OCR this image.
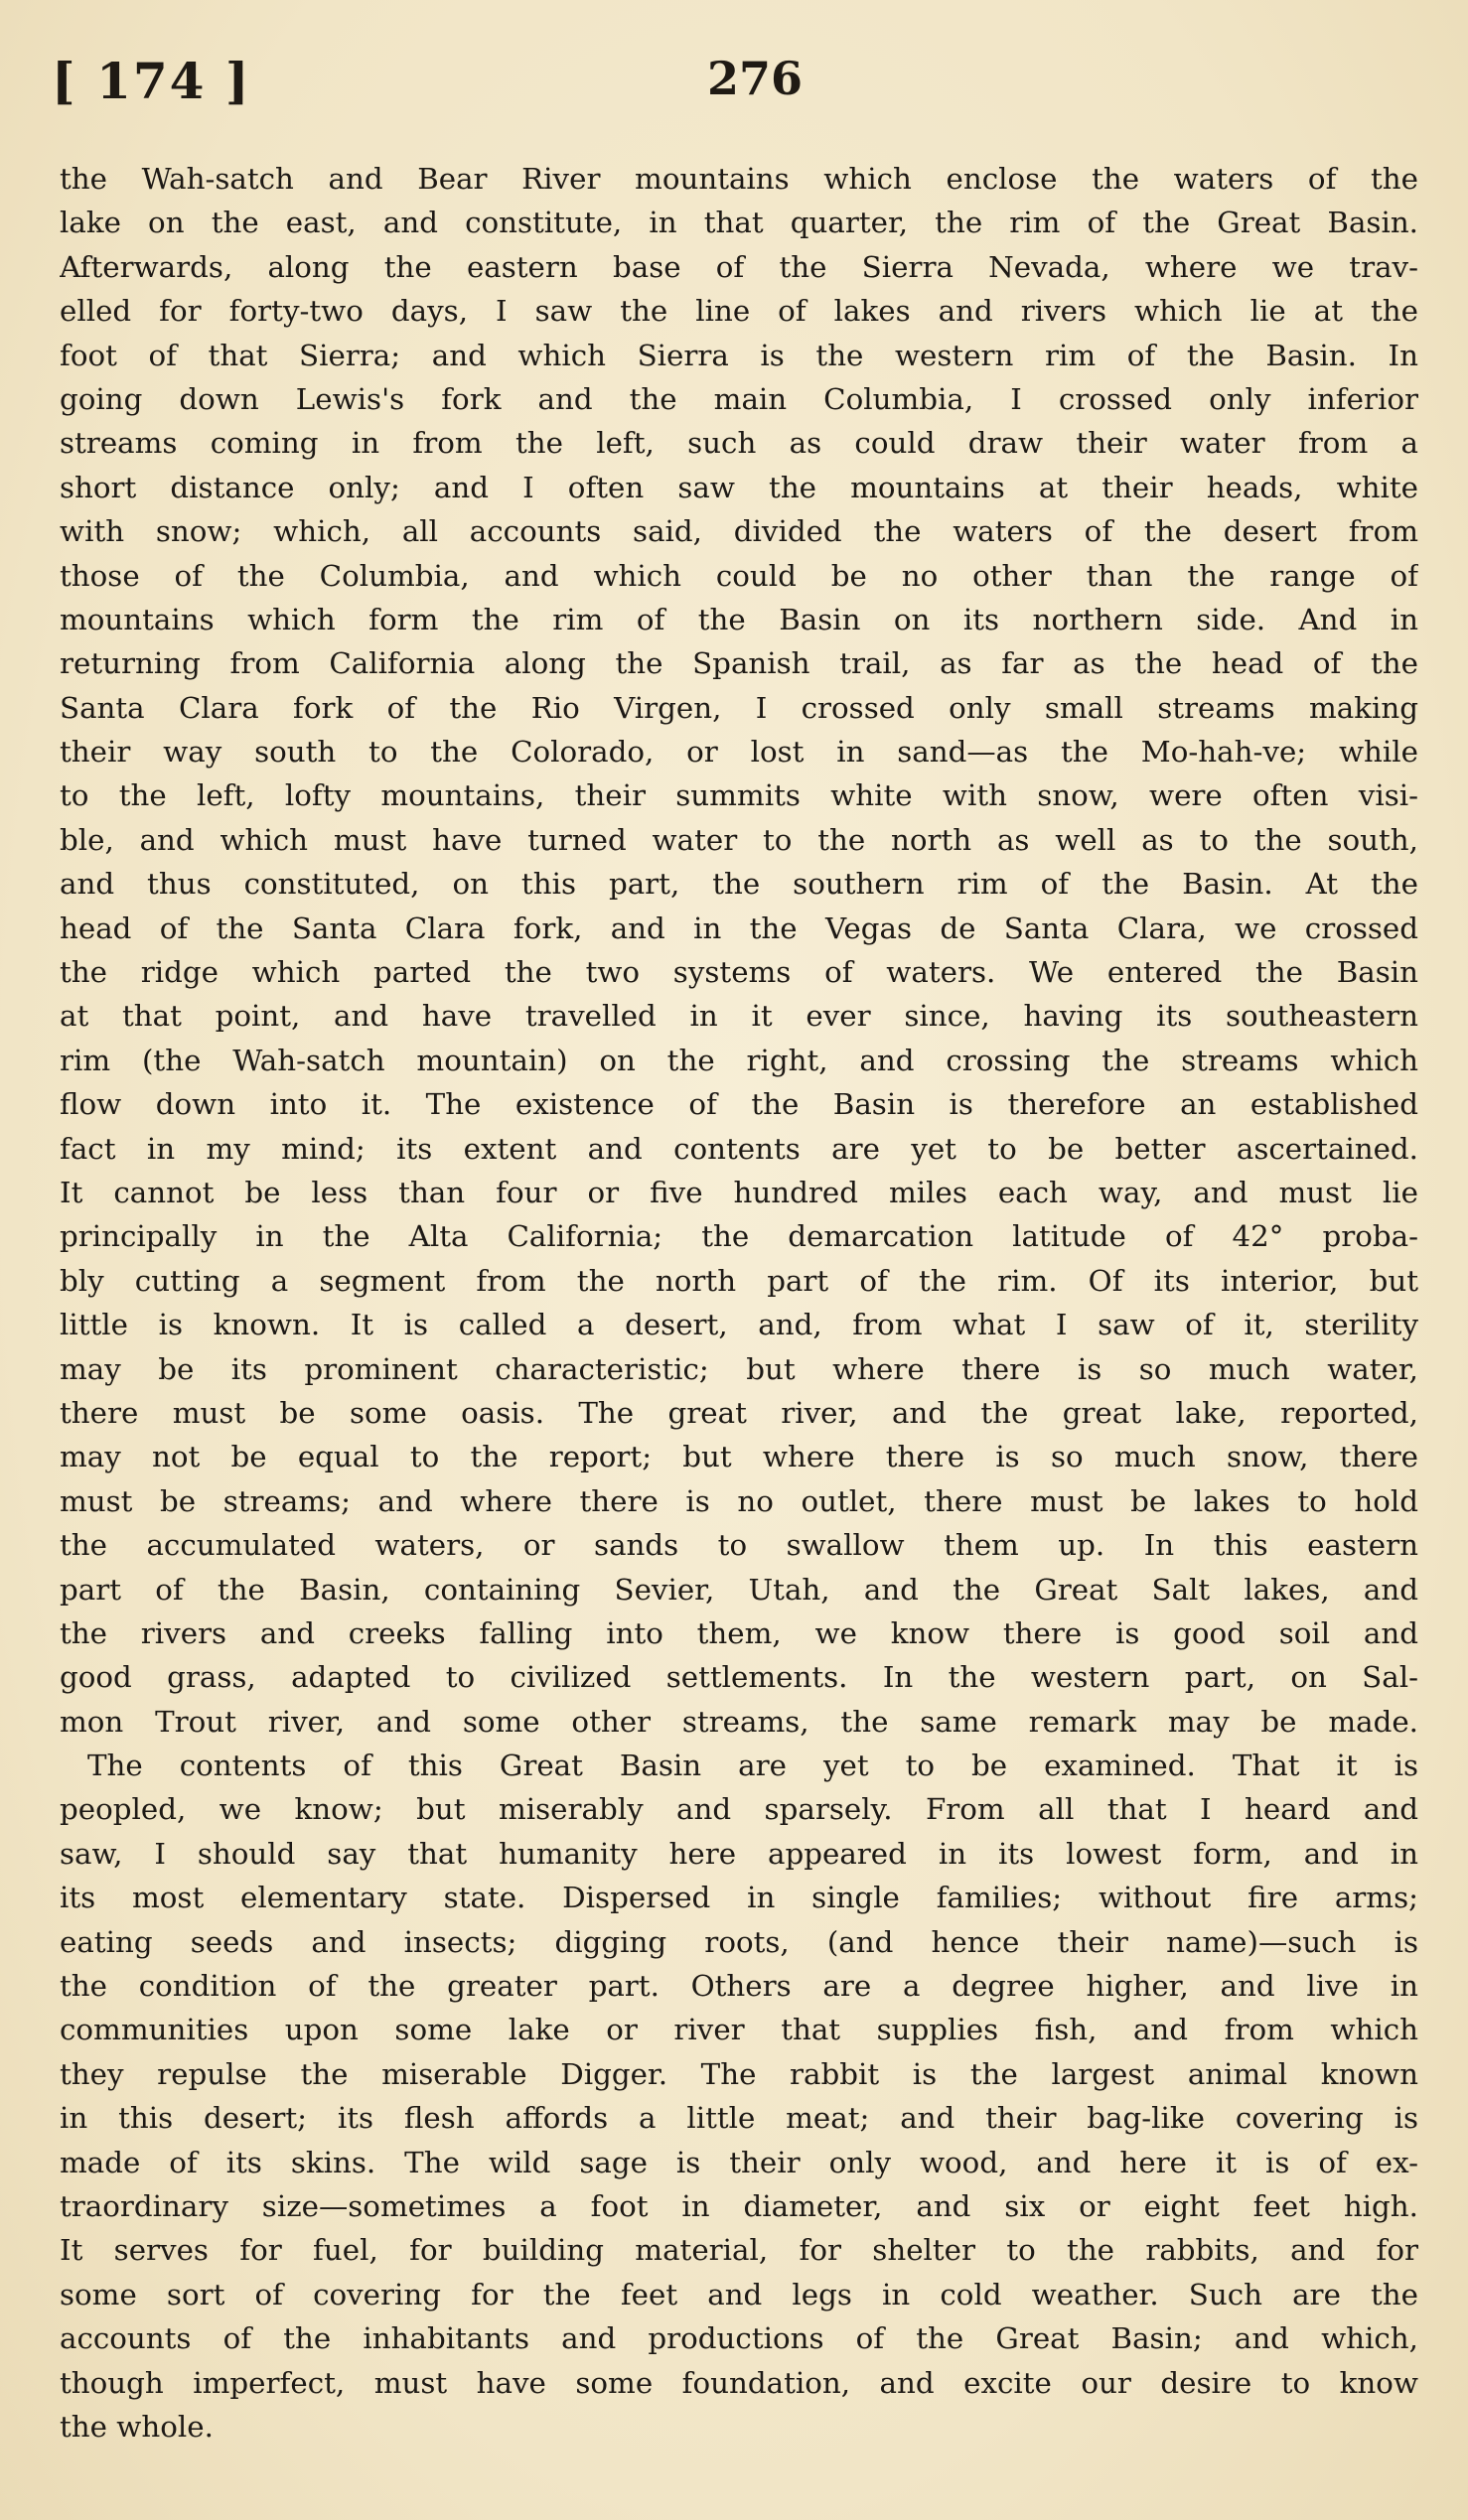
[ 174 ]	276
the Wah-satch and Bear River mountains which enclose the waters of the
lake on the east, and constitute, in that quarter, the rim of the Great Basin.
Afterwards, along the eastern base of the Sierra Nevada, where we trav-
elled for forty-two days, I saw the line of lakes and rivers which lie at the
foot of that Sierra; and which Sierra is the western rim of the Basin. In
going down Lewis's fork and the main Columbia, I crossed only inferior
streams coming in from the left, such as could draw their water from a
short distance only; and I often saw the mountains at their heads, white
with snow; which, all accounts said, divided the waters of the desert from
those of the Columbia, and which could be no other than the range of
mountains which form the rim of the Basin on its northern side. And in
returning from California along the Spanish trail, as far as the head of the
Santa Clara fork of the Rio Virgen, I crossed only small streams making
their way south to the Colorado, or lost in sand—as the Mo-hah-ve; while
to the left, lofty mountains, their summits white with snow, were often visi-
ble, and which must have turned water to the north as well as to the south,
and thus constituted, on this part, the southern rim of the Basin. At the
head of the Santa Clara fork, and in the Vegas de Santa Clara, we crossed
the ridge which parted the two systems of waters. We entered the Basin
at that point, and have travelled in it ever since, having its southeastern
rim (the Wah-satch mountain) on the right, and crossing the streams which
flow down into it. The existence of the Basin is therefore an established
fact in my mind; its extent and contents are yet to be better ascertained.
It cannot be less than four or five hundred miles each way, and must lie
principally in the Alta California; the demarcation latitude of 42° proba-
bly cutting a segment from the north part of the rim. Of its interior, but
little is known. It is called a desert, and, from what I saw of it, sterility
may be its prominent characteristic; but where there is so much water,
there must be some oasis. The great river, and the great lake, reported,
may not be equal to the report; but where there is so much snow, there
must be streams; and where there is no outlet, there must be lakes to hold
the accumulated waters, or sands to swallow them up. In this eastern
part of the Basin, containing Sevier, Utah, and the Great Salt lakes, and
the rivers and creeks falling into them, we know there is good soil and
good grass, adapted to civilized settlements. In the western part, on Sal-
mon Trout river, and some other streams, the same remark may be made.
The contents of this Great Basin are yet to be examined. That it is
peopled, we know; but miserably and sparsely. From all that I heard and
saw, I should say that humanity here appeared in its lowest form, and in
its most elementary state. Dispersed in single families; without fire arms;
eating seeds and insects; digging roots, (and hence their name)—such is
the condition of the greater part. Others are a degree higher, and live in
communities upon some lake or river that supplies fish, and from which
they repulse the miserable Digger. The rabbit is the largest animal known
in this desert; its flesh affords a little meat; and their bag-like covering is
made of its skins. The wild sage is their only wood, and here it is of ex-
traordinary size—sometimes a foot in diameter, and six or eight feet high.
It serves for fuel, for building material, for shelter to the rabbits, and for
some sort of covering for the feet and legs in cold weather. Such are the
accounts of the inhabitants and productions of the Great Basin; and which,
though imperfect, must have some foundation, and excite our desire to know
the whole.
